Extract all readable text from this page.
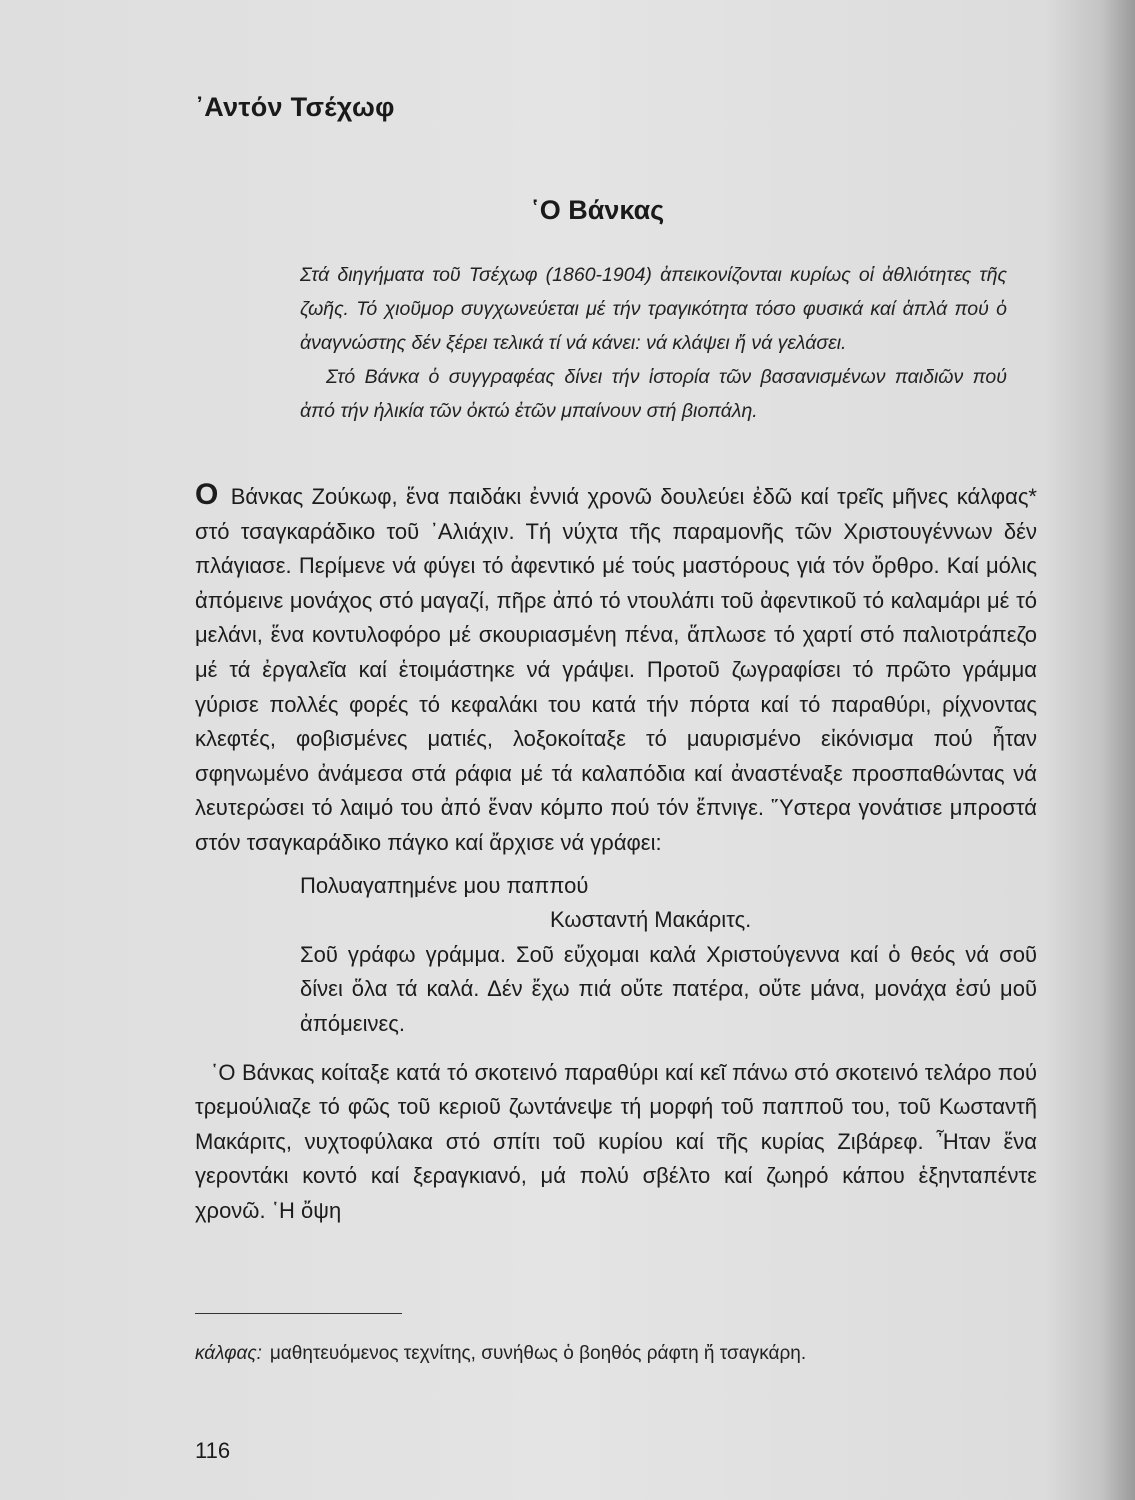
᾽Αντόν Τσέχωφ
῾Ο Βάνκας

Στά διηγήματα τοῦ Τσέχωφ (1860-1904) ἀπεικονίζονται κυρίως οἱ ἀθλιότητες τῆς ζωῆς. Τό χιοῦμορ συγχωνεύεται μέ τήν τραγικότητα τόσο φυσικά καί ἁπλά πού ὁ ἀναγνώστης δέν ξέρει τελικά τί νά κάνει: νά κλάψει ἤ νά γελάσει.

Στό Βάνκα ὁ συγγραφέας δίνει τήν ἱστορία τῶν βασανισμένων παιδιῶν πού ἀπό τήν ἡλικία τῶν ὀκτώ ἐτῶν μπαίνουν στή βιοπάλη.

Ο Βάνκας Ζούκωφ, ἕνα παιδάκι ἐννιά χρονῶ δουλεύει ἐδῶ καί τρεῖς μῆνες κάλφας* στό τσαγκαράδικο τοῦ ᾽Αλιάχιν. Τή νύχτα τῆς παραμονῆς τῶν Χριστουγέννων δέν πλάγιασε. Περίμενε νά φύγει τό ἀφεντικό μέ τούς μαστόρους γιά τόν ὄρθρο. Καί μόλις ἀπόμεινε μονάχος στό μαγαζί, πῆρε ἀπό τό ντουλάπι τοῦ ἀφεντικοῦ τό καλαμάρι μέ τό μελάνι, ἕνα κοντυλοφόρο μέ σκουριασμένη πένα, ἅπλωσε τό χαρτί στό παλιοτράπεζο μέ τά ἐργαλεῖα καί ἑτοιμάστηκε νά γράψει. Προτοῦ ζωγραφίσει τό πρῶτο γράμμα γύρισε πολλές φορές τό κεφαλάκι του κατά τήν πόρτα καί τό παραθύρι, ρίχνοντας κλεφτές, φοβισμένες ματιές, λοξοκοίταξε τό μαυρισμένο εἰκόνισμα πού ἦταν σφηνωμένο ἀνάμεσα στά ράφια μέ τά καλαπόδια καί ἀναστέναξε προσπαθώντας νά λευτερώσει τό λαιμό του ἀπό ἕναν κόμπο πού τόν ἔπνιγε. Ὕστερα γονάτισε μπροστά στόν τσαγκαράδικο πάγκο καί ἄρχισε νά γράφει:

Πολυαγαπημένε μου παππού
Κωσταντή Μακάριτς.
Σοῦ γράφω γράμμα. Σοῦ εὔχομαι καλά Χριστούγεννα καί ὁ θεός νά σοῦ δίνει ὅλα τά καλά. Δέν ἔχω πιά οὔτε πατέρα, οὔτε μάνα, μονάχα ἐσύ μοῦ ἀπόμεινες.

῾Ο Βάνκας κοίταξε κατά τό σκοτεινό παραθύρι καί κεῖ πάνω στό σκοτεινό τελάρο πού τρεμούλιαζε τό φῶς τοῦ κεριοῦ ζωντάνεψε τή μορφή τοῦ παπποῦ του, τοῦ Κωσταντῆ Μακάριτς, νυχτοφύλακα στό σπίτι τοῦ κυρίου καί τῆς κυρίας Ζιβάρεφ. Ἦταν ἕνα γεροντάκι κοντό καί ξεραγκιανό, μά πολύ σβέλτο καί ζωηρό κάπου ἑξηνταπέντε χρονῶ. ῾Η ὄψη

κάλφας: μαθητευόμενος τεχνίτης, συνήθως ὁ βοηθός ράφτη ἤ τσαγκάρη.
116
